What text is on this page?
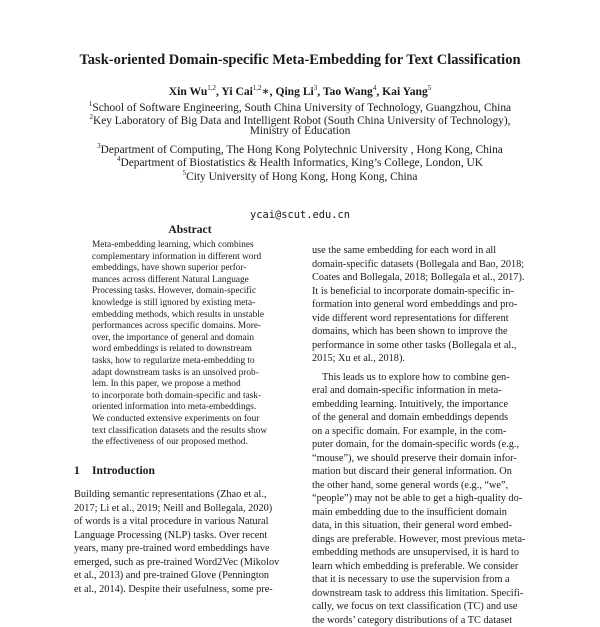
Task-oriented Domain-specific Meta-Embedding for Text Classification
Xin Wu$^{1,2}$, Yi Cai$^{1,2}$∗, Qing Li$^3$, Tao Wang$^4$, Kai Yang$^5$
$^1$School of Software Engineering, South China University of Technology, Guangzhou, China
$^2$Key Laboratory of Big Data and Intelligent Robot (South China University of Technology),
Ministry of Education
$^3$Department of Computing, The Hong Kong Polytechnic University , Hong Kong, China
$^4$Department of Biostatistics & Health Informatics, King’s College, London, UK
$^5$City University of Hong Kong, Hong Kong, China
ycai@scut.edu.cn
Abstract
Meta-embedding learning, which combines
complementary information in different word
embeddings, have shown superior perfor-
mances across different Natural Language
Processing tasks. However, domain-specific
knowledge is still ignored by existing meta-
embedding methods, which results in unstable
performances across specific domains. More-
over, the importance of general and domain
word embeddings is related to downstream
tasks, how to regularize meta-embedding to
adapt downstream tasks is an unsolved prob-
lem. In this paper, we propose a method
to incorporate both domain-specific and task-
oriented information into meta-embeddings.
We conducted extensive experiments on four
text classification datasets and the results show
the effectiveness of our proposed method.
1 Introduction
Building semantic representations (Zhao et al.,
2017; Li et al., 2019; Neill and Bollegala, 2020)
of words is a vital procedure in various Natural
Language Processing (NLP) tasks. Over recent
years, many pre-trained word embeddings have
emerged, such as pre-trained Word2Vec (Mikolov
et al., 2013) and pre-trained Glove (Pennington
et al., 2014). Despite their usefulness, some pre-
use the same embedding for each word in all
domain-specific datasets (Bollegala and Bao, 2018;
Coates and Bollegala, 2018; Bollegala et al., 2017).
It is beneficial to incorporate domain-specific in-
formation into general word embeddings and pro-
vide different word representations for different
domains, which has been shown to improve the
performance in some other tasks (Bollegala et al.,
2015; Xu et al., 2018).
This leads us to explore how to combine gen-
eral and domain-specific information in meta-
embedding learning. Intuitively, the importance
of the general and domain embeddings depends
on a specific domain. For example, in the com-
puter domain, for the domain-specific words (e.g.,
“mouse”), we should preserve their domain infor-
mation but discard their general information. On
the other hand, some general words (e.g., “we”,
“people”) may not be able to get a high-quality do-
main embedding due to the insufficient domain
data, in this situation, their general word embed-
dings are preferable. However, most previous meta-
embedding methods are unsupervised, it is hard to
learn which embedding is preferable. We consider
that it is necessary to use the supervision from a
downstream task to address this limitation. Specifi-
cally, we focus on text classification (TC) and use
the words’ category distributions of a TC dataset
